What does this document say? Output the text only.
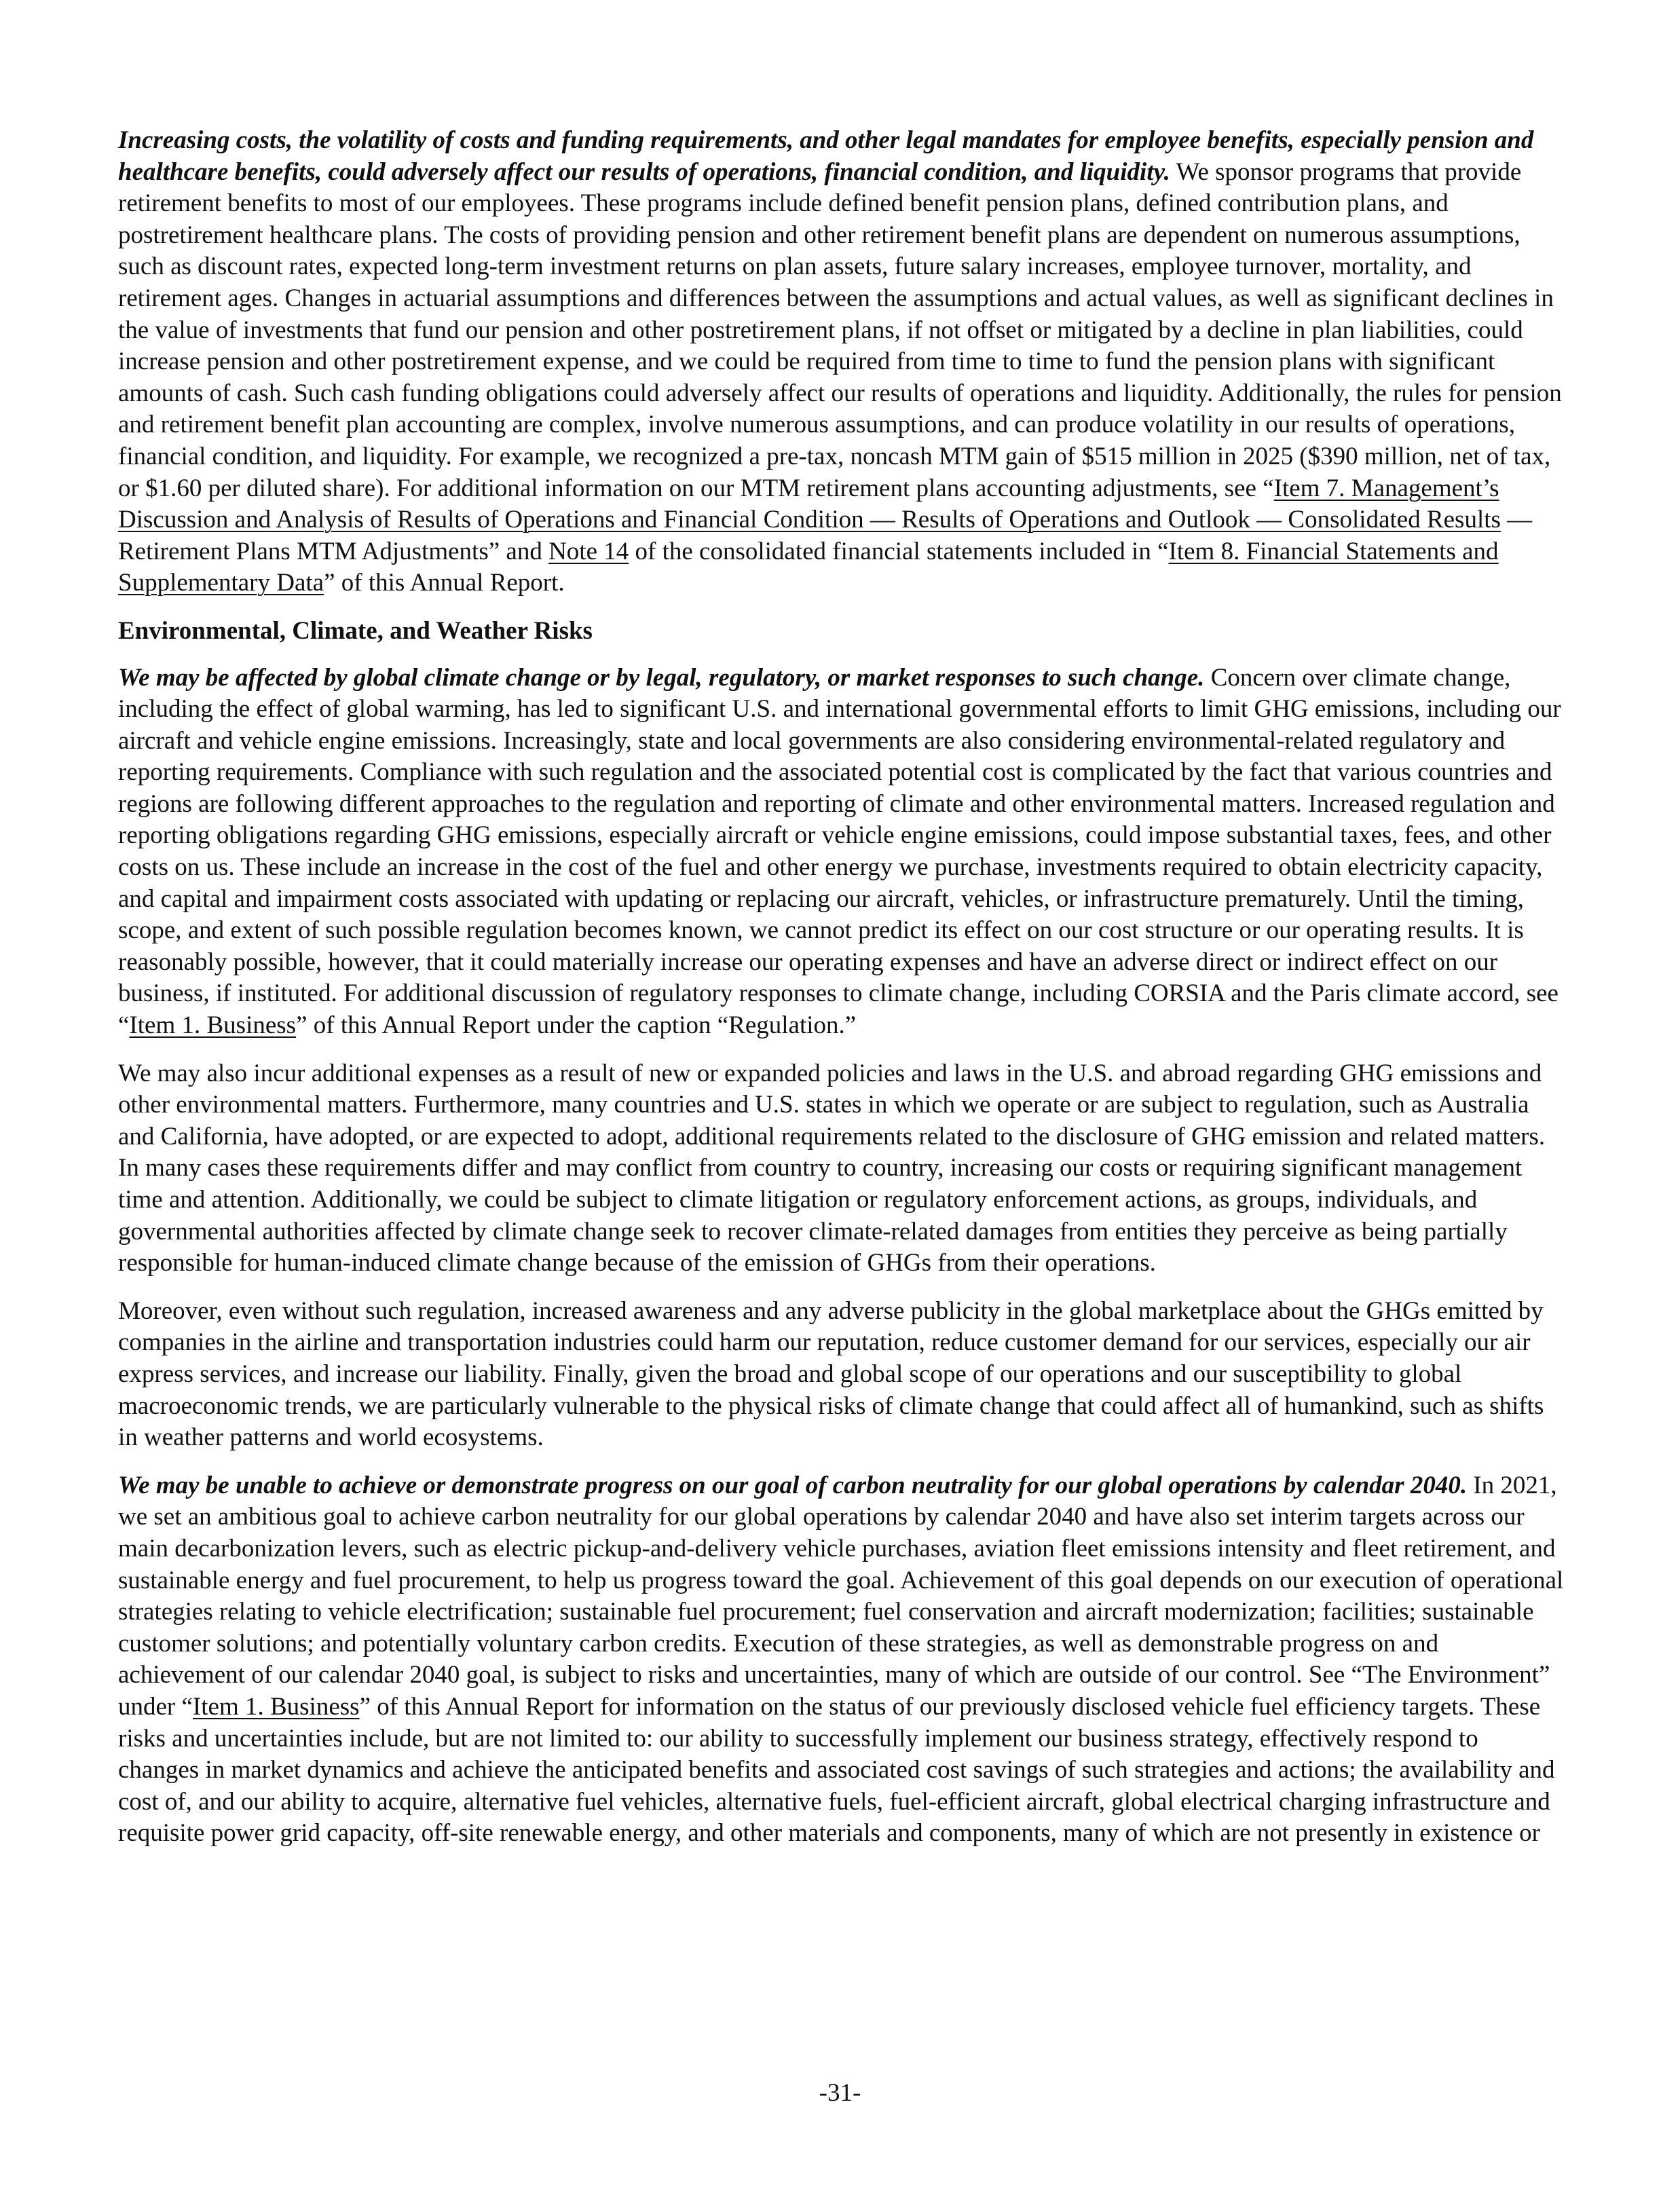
Increasing costs, the volatility of costs and funding requirements, and other legal mandates for employee benefits, especially pension and healthcare benefits, could adversely affect our results of operations, financial condition, and liquidity. We sponsor programs that provide retirement benefits to most of our employees. These programs include defined benefit pension plans, defined contribution plans, and postretirement healthcare plans. The costs of providing pension and other retirement benefit plans are dependent on numerous assumptions, such as discount rates, expected long-term investment returns on plan assets, future salary increases, employee turnover, mortality, and retirement ages. Changes in actuarial assumptions and differences between the assumptions and actual values, as well as significant declines in the value of investments that fund our pension and other postretirement plans, if not offset or mitigated by a decline in plan liabilities, could increase pension and other postretirement expense, and we could be required from time to time to fund the pension plans with significant amounts of cash. Such cash funding obligations could adversely affect our results of operations and liquidity. Additionally, the rules for pension and retirement benefit plan accounting are complex, involve numerous assumptions, and can produce volatility in our results of operations, financial condition, and liquidity. For example, we recognized a pre-tax, noncash MTM gain of $515 million in 2025 ($390 million, net of tax, or $1.60 per diluted share). For additional information on our MTM retirement plans accounting adjustments, see “Item 7. Management’s Discussion and Analysis of Results of Operations and Financial Condition — Results of Operations and Outlook — Consolidated Results — Retirement Plans MTM Adjustments” and Note 14 of the consolidated financial statements included in “Item 8. Financial Statements and Supplementary Data” of this Annual Report.

Environmental, Climate, and Weather Risks

We may be affected by global climate change or by legal, regulatory, or market responses to such change. Concern over climate change, including the effect of global warming, has led to significant U.S. and international governmental efforts to limit GHG emissions, including our aircraft and vehicle engine emissions. Increasingly, state and local governments are also considering environmental-related regulatory and reporting requirements. Compliance with such regulation and the associated potential cost is complicated by the fact that various countries and regions are following different approaches to the regulation and reporting of climate and other environmental matters. Increased regulation and reporting obligations regarding GHG emissions, especially aircraft or vehicle engine emissions, could impose substantial taxes, fees, and other costs on us. These include an increase in the cost of the fuel and other energy we purchase, investments required to obtain electricity capacity, and capital and impairment costs associated with updating or replacing our aircraft, vehicles, or infrastructure prematurely. Until the timing, scope, and extent of such possible regulation becomes known, we cannot predict its effect on our cost structure or our operating results. It is reasonably possible, however, that it could materially increase our operating expenses and have an adverse direct or indirect effect on our business, if instituted. For additional discussion of regulatory responses to climate change, including CORSIA and the Paris climate accord, see “Item 1. Business” of this Annual Report under the caption “Regulation.”

We may also incur additional expenses as a result of new or expanded policies and laws in the U.S. and abroad regarding GHG emissions and other environmental matters. Furthermore, many countries and U.S. states in which we operate or are subject to regulation, such as Australia and California, have adopted, or are expected to adopt, additional requirements related to the disclosure of GHG emission and related matters. In many cases these requirements differ and may conflict from country to country, increasing our costs or requiring significant management time and attention. Additionally, we could be subject to climate litigation or regulatory enforcement actions, as groups, individuals, and governmental authorities affected by climate change seek to recover climate-related damages from entities they perceive as being partially responsible for human-induced climate change because of the emission of GHGs from their operations.

Moreover, even without such regulation, increased awareness and any adverse publicity in the global marketplace about the GHGs emitted by companies in the airline and transportation industries could harm our reputation, reduce customer demand for our services, especially our air express services, and increase our liability. Finally, given the broad and global scope of our operations and our susceptibility to global macroeconomic trends, we are particularly vulnerable to the physical risks of climate change that could affect all of humankind, such as shifts in weather patterns and world ecosystems.

We may be unable to achieve or demonstrate progress on our goal of carbon neutrality for our global operations by calendar 2040. In 2021, we set an ambitious goal to achieve carbon neutrality for our global operations by calendar 2040 and have also set interim targets across our main decarbonization levers, such as electric pickup-and-delivery vehicle purchases, aviation fleet emissions intensity and fleet retirement, and sustainable energy and fuel procurement, to help us progress toward the goal. Achievement of this goal depends on our execution of operational strategies relating to vehicle electrification; sustainable fuel procurement; fuel conservation and aircraft modernization; facilities; sustainable customer solutions; and potentially voluntary carbon credits. Execution of these strategies, as well as demonstrable progress on and achievement of our calendar 2040 goal, is subject to risks and uncertainties, many of which are outside of our control. See “The Environment” under “Item 1. Business” of this Annual Report for information on the status of our previously disclosed vehicle fuel efficiency targets. These risks and uncertainties include, but are not limited to: our ability to successfully implement our business strategy, effectively respond to changes in market dynamics and achieve the anticipated benefits and associated cost savings of such strategies and actions; the availability and cost of, and our ability to acquire, alternative fuel vehicles, alternative fuels, fuel-efficient aircraft, global electrical charging infrastructure and requisite power grid capacity, off-site renewable energy, and other materials and components, many of which are not presently in existence or

-31-
